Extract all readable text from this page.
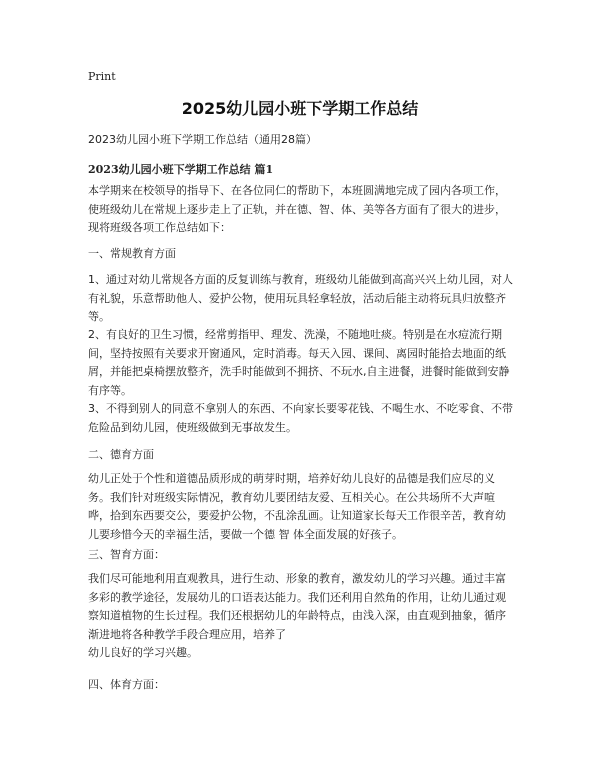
Print
2025幼儿园小班下学期工作总结
2023幼儿园小班下学期工作总结（通用28篇）
2023幼儿园小班下学期工作总结 篇1

本学期来在校领导的指导下、在各位同仁的帮助下，本班圆满地完成了园内各项工作，使班级幼儿在常规上逐步走上了正轨，并在德、智、体、美等各方面有了很大的进步，现将班级各项工作总结如下：

一、常规教育方面

1、通过对幼儿常规各方面的反复训练与教育，班级幼儿能做到高高兴兴上幼儿园，对人有礼貌，乐意帮助他人、爱护公物，使用玩具轻拿轻放，活动后能主动将玩具归放整齐等。

2、有良好的卫生习惯，经常剪指甲、理发、洗澡，不随地吐痰。特别是在水痘流行期间，坚持按照有关要求开窗通风，定时消毒。每天入园、课间、离园时能拾去地面的纸屑，并能把桌椅摆放整齐，洗手时能做到不拥挤、不玩水,自主进餐，进餐时能做到安静有序等。

3、不得到别人的同意不拿别人的东西、不向家长要零花钱、不喝生水、不吃零食、不带危险品到幼儿园，使班级做到无事故发生。

二、德育方面

幼儿正处于个性和道德品质形成的萌芽时期，培养好幼儿良好的品德是我们应尽的义务。我们针对班级实际情况，教育幼儿要团结友爱、互相关心。在公共场所不大声喧哗，拾到东西要交公，要爱护公物，不乱涂乱画。让知道家长每天工作很辛苦，教育幼儿要珍惜今天的幸福生活，要做一个德 智 体全面发展的好孩子。

三、智育方面：

我们尽可能地利用直观教具，进行生动、形象的教育，激发幼儿的学习兴趣。通过丰富多彩的教学途径，发展幼儿的口语表达能力。我们还利用自然角的作用，让幼儿通过观察知道植物的生长过程。我们还根据幼儿的年龄特点，由浅入深，由直观到抽象，循序渐进地将各种教学手段合理应用，培养了

幼儿良好的学习兴趣。

四、体育方面：
